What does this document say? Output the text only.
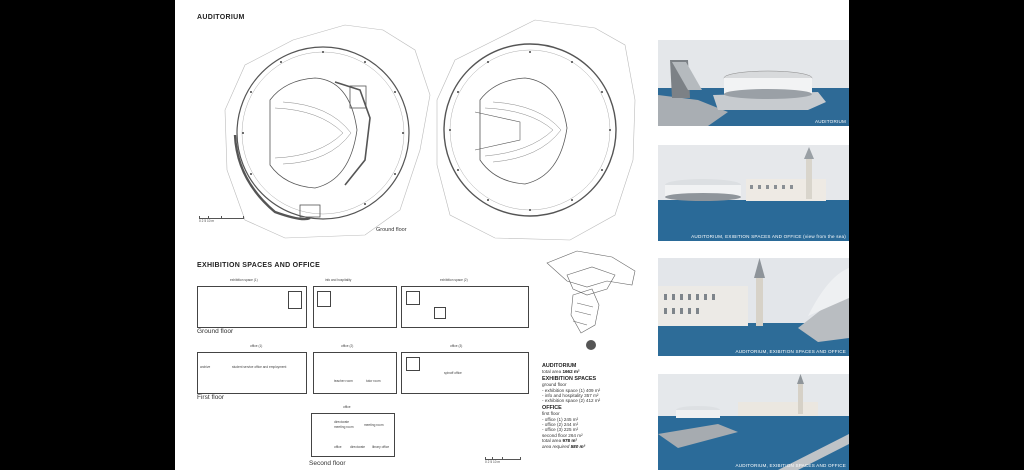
AUDITORIUM
0 2 5 10 m
Ground floor
EXHIBITION SPACES AND OFFICE
exhibition space (1)	info and hospitality	exhibition space (2)
Ground floor
office (1)	office (2)	office (3)
archive	student service office and employment
teacher room	tutor room
spinoff office
First floor
office
directorate
meeting room	meeting room
office	directorate library office
Second floor	0 2 5 10 m
AUDITORIUM
total area 1662 m²
EXHIBITION SPACES
ground floor
- exhibition space (1) 409 m²
- info and hospitality 357 m²
- exhibition space (2) 412 m²
OFFICE
first floor
- office (1) 245 m²
- office (2) 244 m²
- office (3) 225 m²
second floor 264 m²
total area 978 m²
area required 580 m²
AUDITORIUM
AUDITORIUM, EXIBITION SPACES AND OFFICE (view from the sea)
AUDITORIUM, EXIBITION SPACES AND OFFICE
AUDITORIUM, EXIBITION SPACES AND OFFICE
